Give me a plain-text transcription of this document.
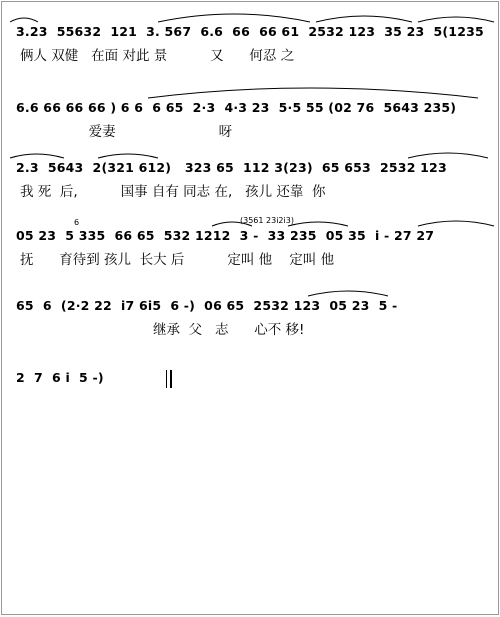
3.23  55632  121  3. 567  6.6  66  66 61  2532 123  35 23  5(1235
俩人 双健   在面 对此 景          又      何忍 之
6.6 66 66 66 ) 6 6  6 65  2·3  4·3 23  5·5 55 (02 76  5643 235)
爱妻                        呀
2.3  5643  2(321 612)   323 65  112 3(23)  65 653  2532 123
我 死  后,          国事 自有 同志 在,   孩儿 还靠  你
(3561 23i2i3)
6
05 23  5 335  66 65  532 1212  3 -  33 235  05 35  i - 27 27
抚      育待到 孩儿  长大 后          定叫 他    定叫 他
65  6  (2·2 22  i7 6i5  6 -)  06 65  2532 123  05 23  5 -
继承  父   志      心不 移!
2  7  6 i  5 -)
